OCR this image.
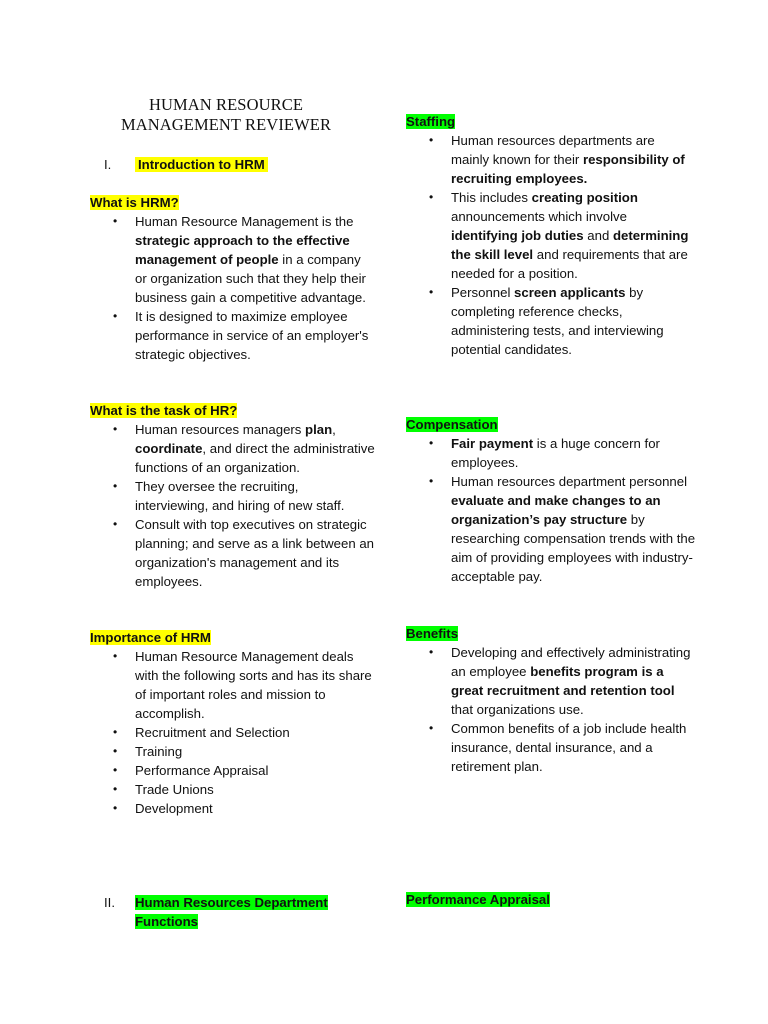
HUMAN RESOURCE
MANAGEMENT REVIEWER
I. Introduction to HRM
What is HRM?
• Human Resource Management is the strategic approach to the effective management of people in a company or organization such that they help their business gain a competitive advantage.
• It is designed to maximize employee performance in service of an employer's strategic objectives.
What is the task of HR?
• Human resources managers plan, coordinate, and direct the administrative functions of an organization.
• They oversee the recruiting, interviewing, and hiring of new staff.
• Consult with top executives on strategic planning; and serve as a link between an organization's management and its employees.
Importance of HRM
• Human Resource Management deals with the following sorts and has its share of important roles and mission to accomplish.
• Recruitment and Selection
• Training
• Performance Appraisal
• Trade Unions
• Development
II. Human Resources Department
Functions
Staffing
• Human resources departments are mainly known for their responsibility of recruiting employees.
• This includes creating position announcements which involve identifying job duties and determining the skill level and requirements that are needed for a position.
• Personnel screen applicants by completing reference checks, administering tests, and interviewing potential candidates.
Compensation
• Fair payment is a huge concern for employees.
• Human resources department personnel evaluate and make changes to an organization’s pay structure by researching compensation trends with the aim of providing employees with industry-acceptable pay.
Benefits
• Developing and effectively administrating an employee benefits program is a great recruitment and retention tool that organizations use.
• Common benefits of a job include health insurance, dental insurance, and a retirement plan.
Performance Appraisal
